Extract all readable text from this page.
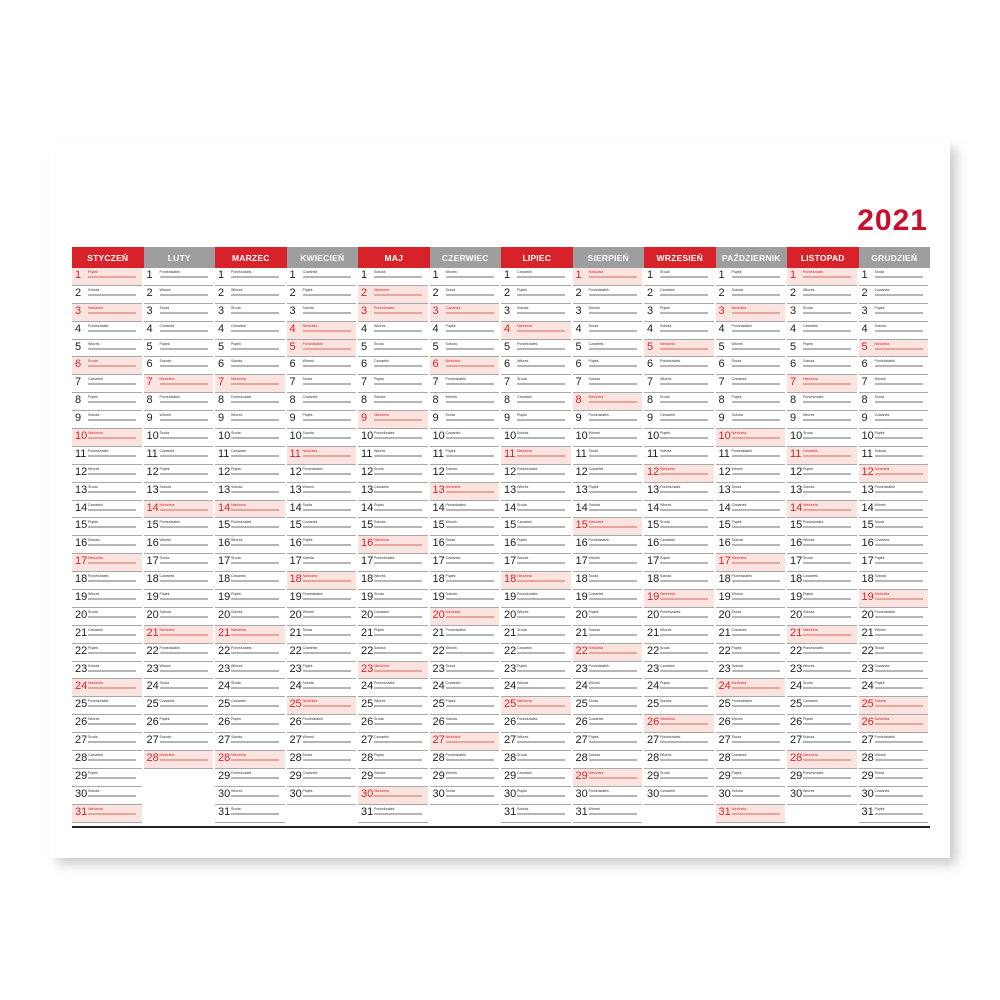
2021
STYCZEŃ
1 Piątek
2 Sobota
3 Niedziela
4 Poniedziałek
5 Wtorek
6 Środa
7 Czwartek
8 Piątek
9 Sobota
10 Niedziela
11 Poniedziałek
12 Wtorek
13 Środa
14 Czwartek
15 Piątek
16 Sobota
17 Niedziela
18 Poniedziałek
19 Wtorek
20 Środa
21 Czwartek
22 Piątek
23 Sobota
24 Niedziela
25 Poniedziałek
26 Wtorek
27 Środa
28 Czwartek
29 Piątek
30 Sobota
31 Niedziela
LUTY
1 Poniedziałek
2 Wtorek
3 Środa
4 Czwartek
5 Piątek
6 Sobota
7 Niedziela
8 Poniedziałek
9 Wtorek
10 Środa
11 Czwartek
12 Piątek
13 Sobota
14 Niedziela
15 Poniedziałek
16 Wtorek
17 Środa
18 Czwartek
19 Piątek
20 Sobota
21 Niedziela
22 Poniedziałek
23 Wtorek
24 Środa
25 Czwartek
26 Piątek
27 Sobota
28 Niedziela
MARZEC
1 Poniedziałek
2 Wtorek
3 Środa
4 Czwartek
5 Piątek
6 Sobota
7 Niedziela
8 Poniedziałek
9 Wtorek
10 Środa
11 Czwartek
12 Piątek
13 Sobota
14 Niedziela
15 Poniedziałek
16 Wtorek
17 Środa
18 Czwartek
19 Piątek
20 Sobota
21 Niedziela
22 Poniedziałek
23 Wtorek
24 Środa
25 Czwartek
26 Piątek
27 Sobota
28 Niedziela
29 Poniedziałek
30 Wtorek
31 Środa
KWIECIEŃ
1 Czwartek
2 Piątek
3 Sobota
4 Niedziela
5 Poniedziałek
6 Wtorek
7 Środa
8 Czwartek
9 Piątek
10 Sobota
11 Niedziela
12 Poniedziałek
13 Wtorek
14 Środa
15 Czwartek
16 Piątek
17 Sobota
18 Niedziela
19 Poniedziałek
20 Wtorek
21 Środa
22 Czwartek
23 Piątek
24 Sobota
25 Niedziela
26 Poniedziałek
27 Wtorek
28 Środa
29 Czwartek
30 Piątek
MAJ
1 Sobota
2 Niedziela
3 Poniedziałek
4 Wtorek
5 Środa
6 Czwartek
7 Piątek
8 Sobota
9 Niedziela
10 Poniedziałek
11 Wtorek
12 Środa
13 Czwartek
14 Piątek
15 Sobota
16 Niedziela
17 Poniedziałek
18 Wtorek
19 Środa
20 Czwartek
21 Piątek
22 Sobota
23 Niedziela
24 Poniedziałek
25 Wtorek
26 Środa
27 Czwartek
28 Piątek
29 Sobota
30 Niedziela
31 Poniedziałek
CZERWIEC
1 Wtorek
2 Środa
3 Czwartek
4 Piątek
5 Sobota
6 Niedziela
7 Poniedziałek
8 Wtorek
9 Środa
10 Czwartek
11 Piątek
12 Sobota
13 Niedziela
14 Poniedziałek
15 Wtorek
16 Środa
17 Czwartek
18 Piątek
19 Sobota
20 Niedziela
21 Poniedziałek
22 Wtorek
23 Środa
24 Czwartek
25 Piątek
26 Sobota
27 Niedziela
28 Poniedziałek
29 Wtorek
30 Środa
LIPIEC
1 Czwartek
2 Piątek
3 Sobota
4 Niedziela
5 Poniedziałek
6 Wtorek
7 Środa
8 Czwartek
9 Piątek
10 Sobota
11 Niedziela
12 Poniedziałek
13 Wtorek
14 Środa
15 Czwartek
16 Piątek
17 Sobota
18 Niedziela
19 Poniedziałek
20 Wtorek
21 Środa
22 Czwartek
23 Piątek
24 Sobota
25 Niedziela
26 Poniedziałek
27 Wtorek
28 Środa
29 Czwartek
30 Piątek
31 Sobota
SIERPIEŃ
1 Niedziela
2 Poniedziałek
3 Wtorek
4 Środa
5 Czwartek
6 Piątek
7 Sobota
8 Niedziela
9 Poniedziałek
10 Wtorek
11 Środa
12 Czwartek
13 Piątek
14 Sobota
15 Niedziela
16 Poniedziałek
17 Wtorek
18 Środa
19 Czwartek
20 Piątek
21 Sobota
22 Niedziela
23 Poniedziałek
24 Wtorek
25 Środa
26 Czwartek
27 Piątek
28 Sobota
29 Niedziela
30 Poniedziałek
31 Wtorek
WRZESIEŃ
1 Środa
2 Czwartek
3 Piątek
4 Sobota
5 Niedziela
6 Poniedziałek
7 Wtorek
8 Środa
9 Czwartek
10 Piątek
11 Sobota
12 Niedziela
13 Poniedziałek
14 Wtorek
15 Środa
16 Czwartek
17 Piątek
18 Sobota
19 Niedziela
20 Poniedziałek
21 Wtorek
22 Środa
23 Czwartek
24 Piątek
25 Sobota
26 Niedziela
27 Poniedziałek
28 Wtorek
29 Środa
30 Czwartek
PAŹDZIERNIK
1 Piątek
2 Sobota
3 Niedziela
4 Poniedziałek
5 Wtorek
6 Środa
7 Czwartek
8 Piątek
9 Sobota
10 Niedziela
11 Poniedziałek
12 Wtorek
13 Środa
14 Czwartek
15 Piątek
16 Sobota
17 Niedziela
18 Poniedziałek
19 Wtorek
20 Środa
21 Czwartek
22 Piątek
23 Sobota
24 Niedziela
25 Poniedziałek
26 Wtorek
27 Środa
28 Czwartek
29 Piątek
30 Sobota
31 Niedziela
LISTOPAD
1 Poniedziałek
2 Wtorek
3 Środa
4 Czwartek
5 Piątek
6 Sobota
7 Niedziela
8 Poniedziałek
9 Wtorek
10 Środa
11 Czwartek
12 Piątek
13 Sobota
14 Niedziela
15 Poniedziałek
16 Wtorek
17 Środa
18 Czwartek
19 Piątek
20 Sobota
21 Niedziela
22 Poniedziałek
23 Wtorek
24 Środa
25 Czwartek
26 Piątek
27 Sobota
28 Niedziela
29 Poniedziałek
30 Wtorek
GRUDZIEŃ
1 Środa
2 Czwartek
3 Piątek
4 Sobota
5 Niedziela
6 Poniedziałek
7 Wtorek
8 Środa
9 Czwartek
10 Piątek
11 Sobota
12 Niedziela
13 Poniedziałek
14 Wtorek
15 Środa
16 Czwartek
17 Piątek
18 Sobota
19 Niedziela
20 Poniedziałek
21 Wtorek
22 Środa
23 Czwartek
24 Piątek
25 Sobota
26 Niedziela
27 Poniedziałek
28 Wtorek
29 Środa
30 Czwartek
31 Piątek
